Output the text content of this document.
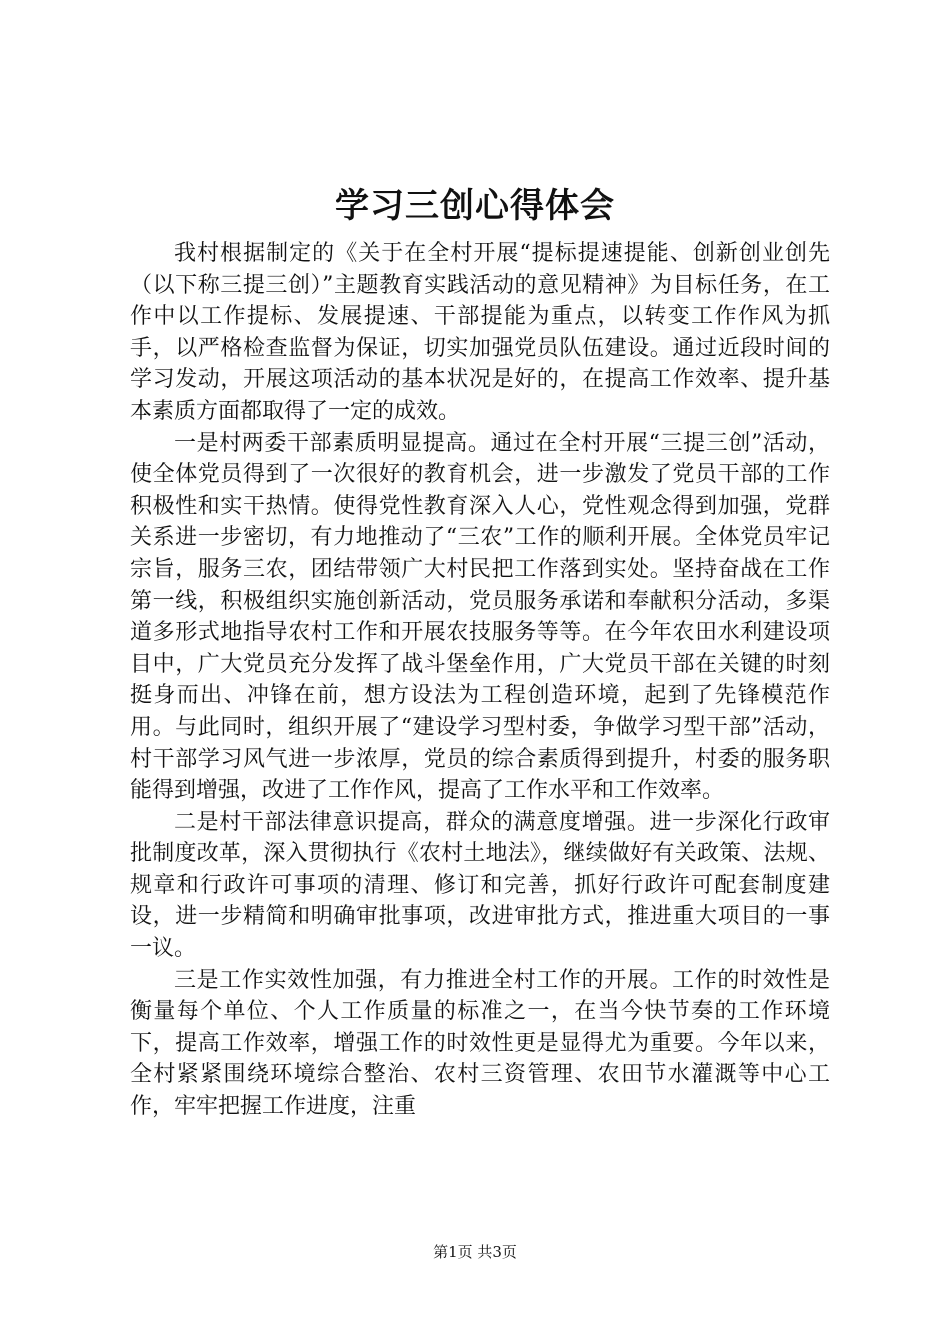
学习三创心得体会

我村根据制定的《关于在全村开展“提标提速提能、创新创业创先（以下称三提三创）”主题教育实践活动的意见精神》为目标任务，在工作中以工作提标、发展提速、干部提能为重点，以转变工作作风为抓手，以严格检查监督为保证，切实加强党员队伍建设。通过近段时间的学习发动，开展这项活动的基本状况是好的，在提高工作效率、提升基本素质方面都取得了一定的成效。

一是村两委干部素质明显提高。通过在全村开展“三提三创”活动，使全体党员得到了一次很好的教育机会，进一步激发了党员干部的工作积极性和实干热情。使得党性教育深入人心，党性观念得到加强，党群关系进一步密切，有力地推动了“三农”工作的顺利开展。全体党员牢记宗旨，服务三农，团结带领广大村民把工作落到实处。坚持奋战在工作第一线，积极组织实施创新活动，党员服务承诺和奉献积分活动，多渠道多形式地指导农村工作和开展农技服务等等。在今年农田水利建设项目中，广大党员充分发挥了战斗堡垒作用，广大党员干部在关键的时刻挺身而出、冲锋在前，想方设法为工程创造环境，起到了先锋模范作用。与此同时，组织开展了“建设学习型村委，争做学习型干部”活动，村干部学习风气进一步浓厚，党员的综合素质得到提升，村委的服务职能得到增强，改进了工作作风，提高了工作水平和工作效率。

二是村干部法律意识提高，群众的满意度增强。进一步深化行政审批制度改革，深入贯彻执行《农村土地法》，继续做好有关政策、法规、规章和行政许可事项的清理、修订和完善，抓好行政许可配套制度建设，进一步精简和明确审批事项，改进审批方式，推进重大项目的一事一议。

三是工作实效性加强，有力推进全村工作的开展。工作的时效性是衡量每个单位、个人工作质量的标准之一，在当今快节奏的工作环境下，提高工作效率，增强工作的时效性更是显得尤为重要。今年以来，全村紧紧围绕环境综合整治、农村三资管理、农田节水灌溉等中心工作，牢牢把握工作进度，注重

第1页 共3页
